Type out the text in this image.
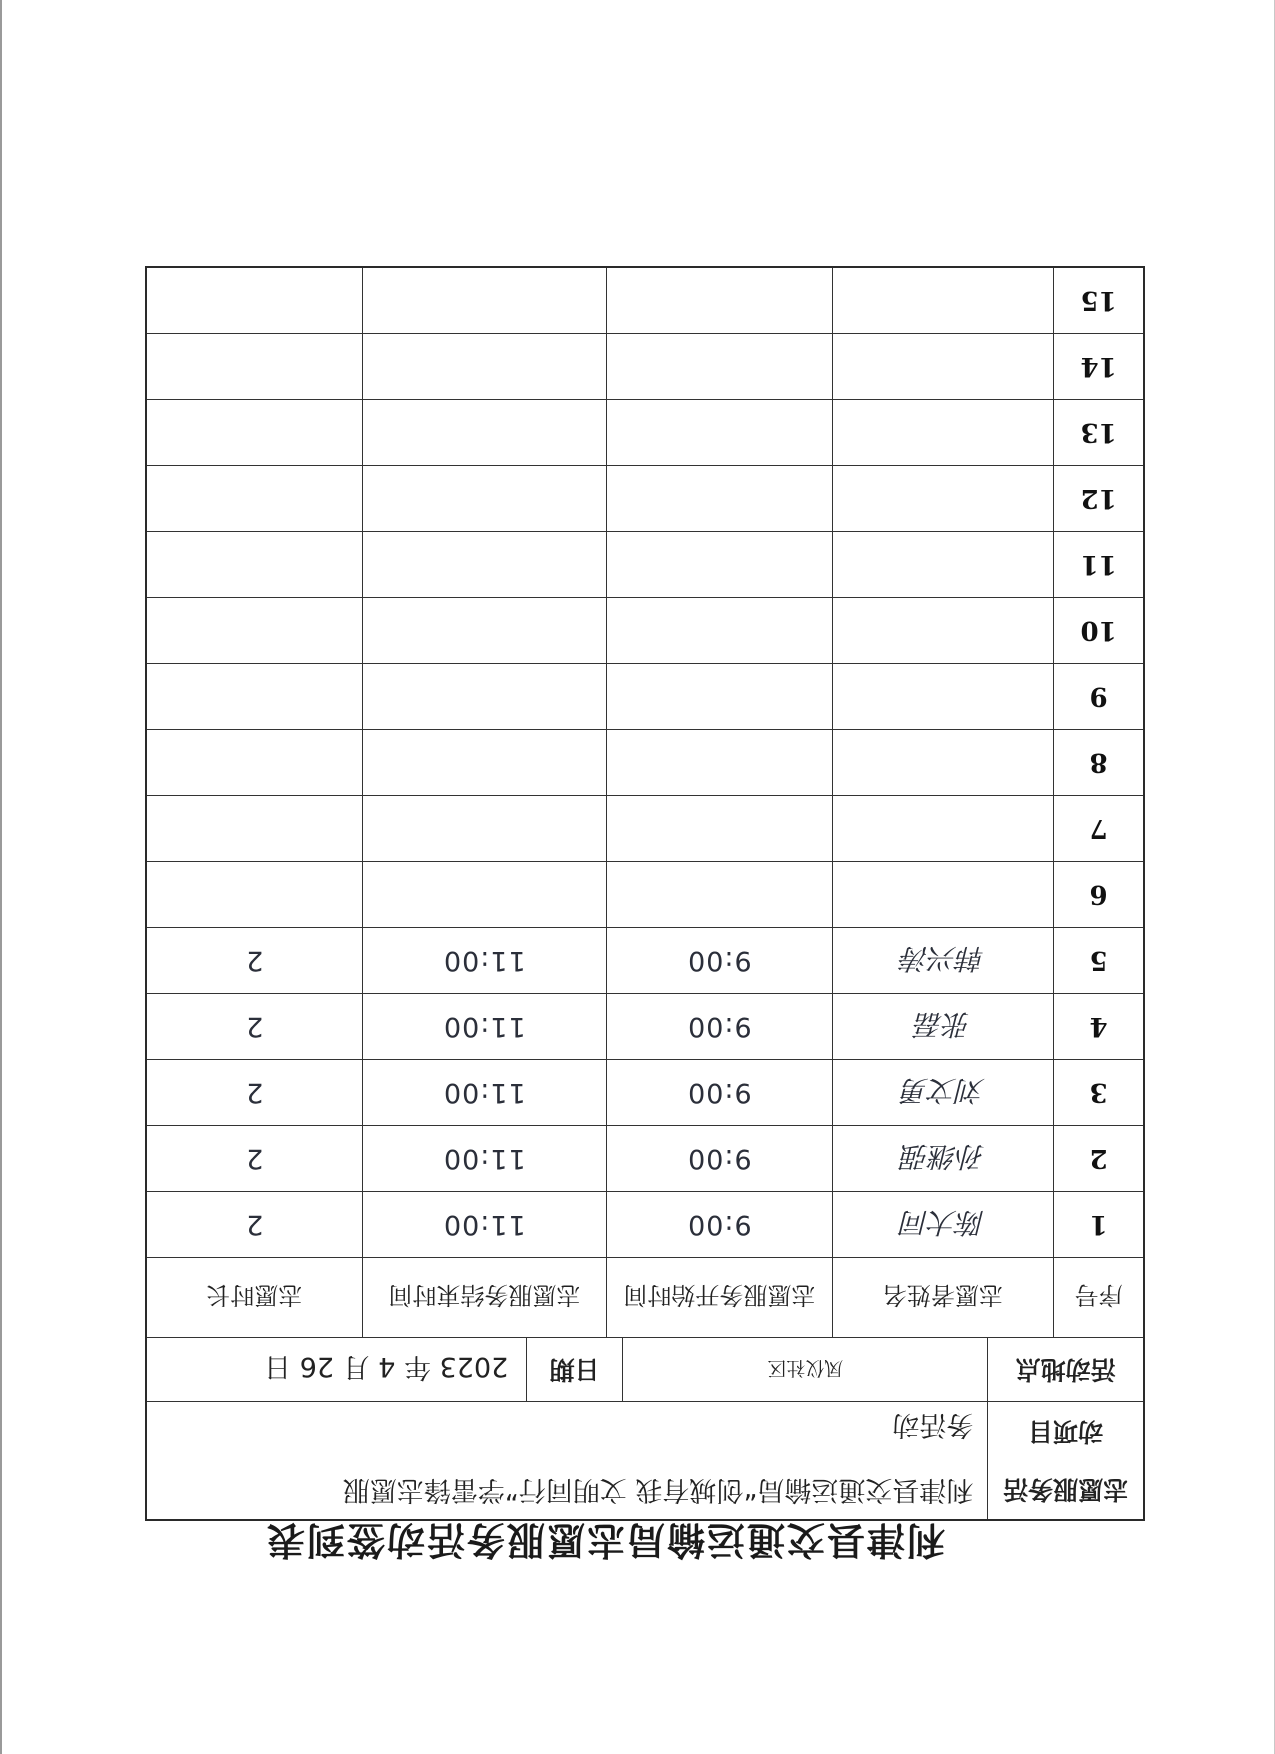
利津县交通运输局志愿服务活动签到表
志愿服务活
动项目
利津县交通运输局“创城有我 文明同行”学雷锋志愿服
务活动
活动地点
凤仪社区
日期
2023 年 4 月 26 日
序号
志愿者姓名
志愿服务开始时间
志愿服务结束时间
志愿时长
1
陈大同
9:00
11:00
2
2
孙继强
9:00
11:00
2
3
刘文勇
9:00
11:00
2
4
张磊
9:00
11:00
2
5
韩兴涛
9:00
11:00
2
6
7
8
9
10
11
12
13
14
15
